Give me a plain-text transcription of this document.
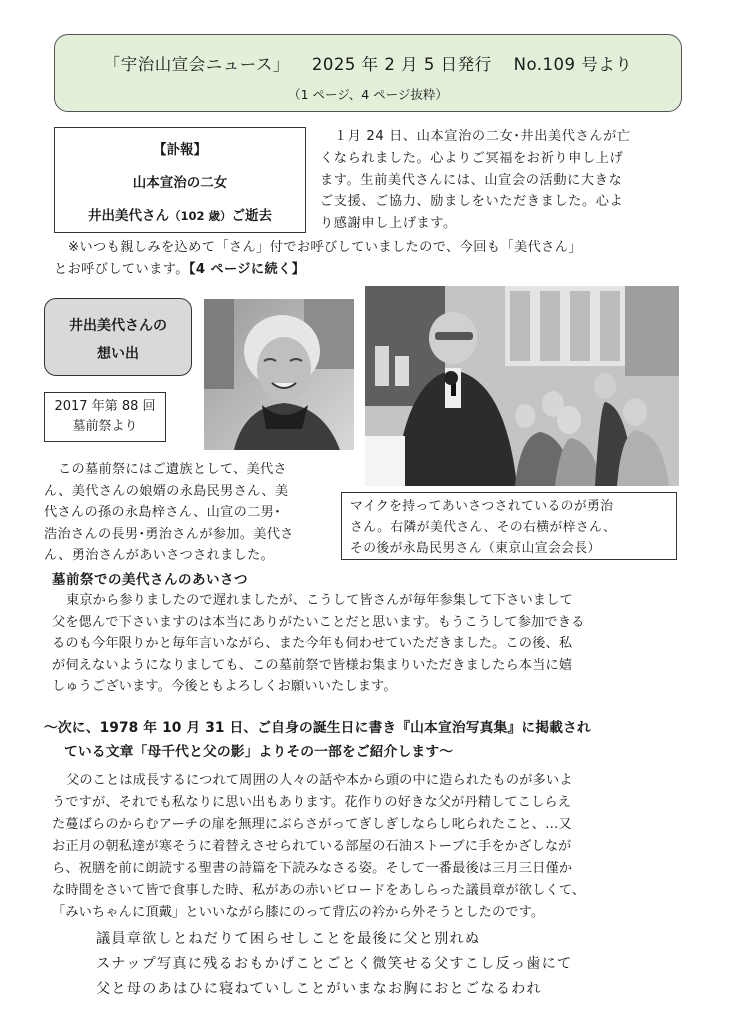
「宇治山宣会ニュース」 2025 年 2 月 5 日発行 No.109 号より
（1 ページ、4 ページ抜粋）
【訃報】
山本宣治の二女
井出美代さん（102 歳）ご逝去
１月 24 日、山本宣治の二女･井出美代さんが亡
くなられました。心よりご冥福をお祈り申し上げ
ます。生前美代さんには、山宣会の活動に大きな
ご支援、ご協力、励ましをいただきました。心よ
り感謝申し上げます。
※いつも親しみを込めて「さん」付でお呼びしていましたので、今回も「美代さん」
とお呼びしています。【4 ページに続く】
井出美代さんの
想い出
2017 年第 88 回
墓前祭より
マイクを持ってあいさつされているのが勇治
さん。右隣が美代さん、その右横が梓さん、
その後が永島民男さん（東京山宣会会長）
この墓前祭にはご遺族として、美代さ
ん、美代さんの娘婿の永島民男さん、美
代さんの孫の永島梓さん、山宣の二男･
浩治さんの長男･勇治さんが参加。美代さ
ん、勇治さんがあいさつされました。
墓前祭での美代さんのあいさつ
東京から参りましたので遅れましたが、こうして皆さんが毎年参集して下さいまして
父を偲んで下さいますのは本当にありがたいことだと思います。もうこうして参加できる
るのも今年限りかと毎年言いながら、また今年も伺わせていただきました。この後、私
が伺えないようになりましても、この墓前祭で皆様お集まりいただきましたら本当に嬉
しゅうございます。今後ともよろしくお願いいたします。
～次に、1978 年 10 月 31 日、ご自身の誕生日に書き『山本宣治写真集』に掲載され
ている文章「母千代と父の影」よりその一部をご紹介します～
父のことは成長するにつれて周囲の人々の話や本から頭の中に造られたものが多いよ
うですが、それでも私なりに思い出もあります。花作りの好きな父が丹精してこしらえ
た蔓ばらのからむアーチの扉を無理にぶらさがってぎしぎしならし叱られたこと、…又
お正月の朝私達が寒そうに着替えさせられている部屋の石油ストーブに手をかざしなが
ら、祝膳を前に朗読する聖書の詩篇を下読みなさる姿。そして一番最後は三月三日僅か
な時間をさいて皆で食事した時、私があの赤いビロードをあしらった議員章が欲しくて、
「みいちゃんに頂戴」といいながら膝にのって背広の衿から外そうとしたのです。
議員章欲しとねだりて困らせしことを最後に父と別れぬ
スナップ写真に残るおもかげことごとく微笑せる父すこし反っ歯にて
父と母のあはひに寝ねていしことがいまなお胸におとごなるわれ
